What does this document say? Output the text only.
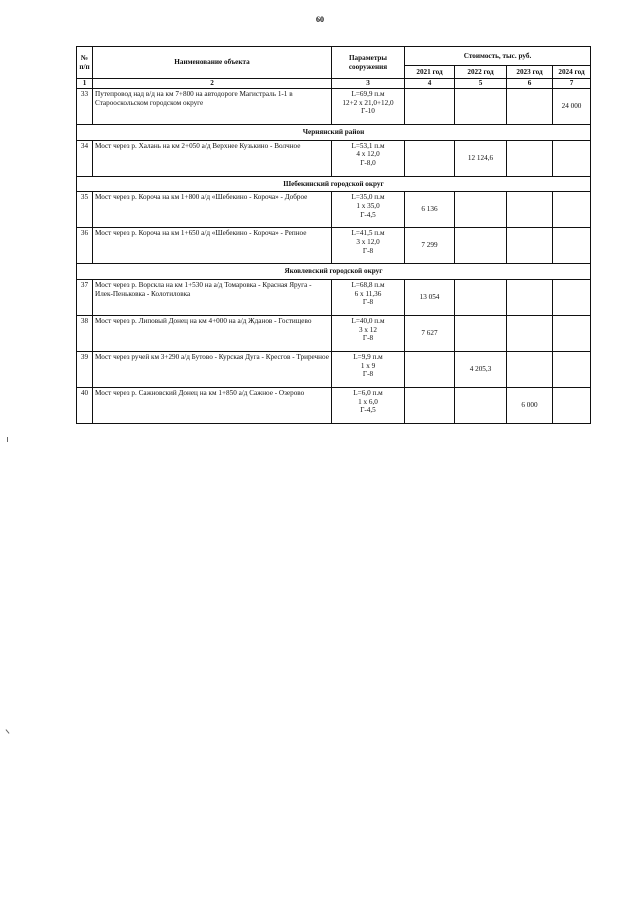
60
№
п/п	Наименование объекта	Параметры сооружения	Стоимость, тыс. руб.			
			2021 год	2022 год	2023 год	2024 год
1	2	3	4	5	6	7
33	Путепровод над в/д на км 7+800 на автодороге Магистраль 1-1 в Старооскольском городском округе	L=69,9 п.м
12+2 х 21,0+12,0
Г-10				24 000
Чернянский район						
34	Мост через р. Халань на км 2+050 а/д Верхнее Кузькино - Волчное	L=53,1 п.м
4 х 12,0
Г-8,0		12 124,6		
Шебекинский городской округ						
35	Мост через р. Корочa на км 1+800 а/д «Шебекино - Короча» - Доброе	L=35,0 п.м
1 х 35,0
Г-4,5	6 136			
36	Мост через р. Короча на км 1+650 а/д «Шебекино - Короча» - Репное	L=41,5 п.м
3 х 12,0
Г-8	7 299			
Яковлевский городской округ						
37	Мост через р. Ворскла на км 1+530 на а/д Томаровка - Красная Яруга - Илек-Пеньковка - Колотиловка	L=68,8 п.м
6 х 11,36
Г-8	13 054			
38	Мост через р. Липовый Донец на км 4+000 на а/д Жданов - Гостищево	L=40,0 п.м
3 х 12
Г-8	7 627			
39	Мост через ручей км 3+290 а/д Бутово - Курская Дуга - Кресгов - Триречное	L=9,9 п.м
1 х 9
Г-8		4 205,3		
40	Мост через р. Сажновский Донец на км 1+850 а/д Сажное - Озерово	L=6,0 п.м
1 х 6,0
Г-4,5			6 000	
